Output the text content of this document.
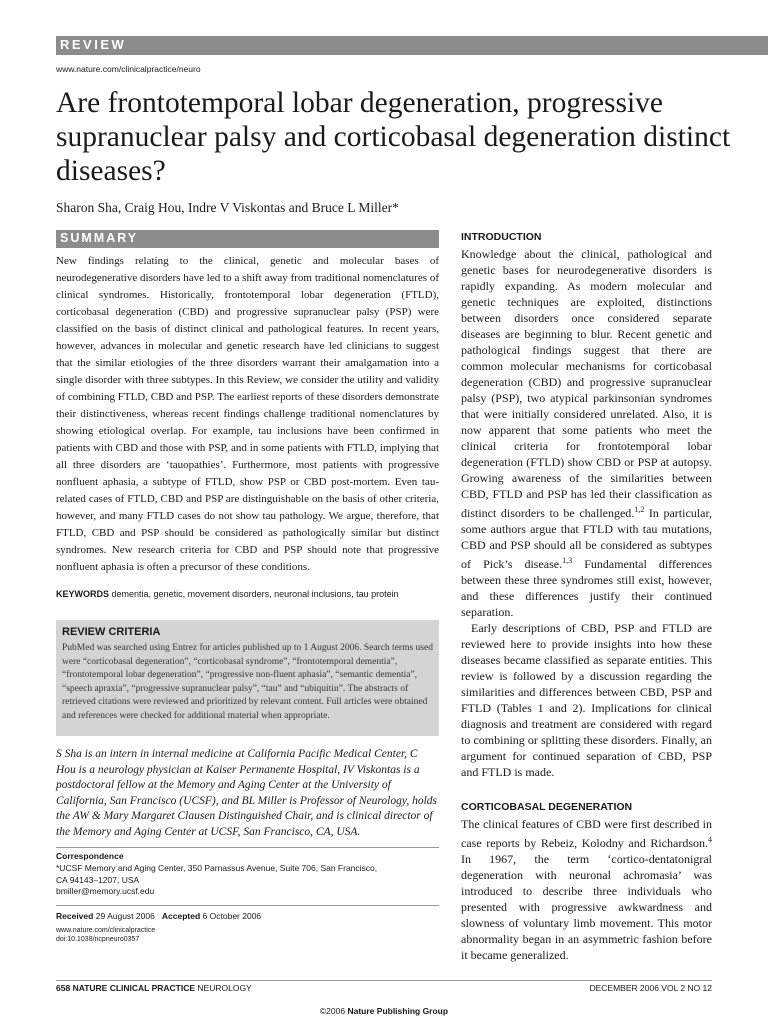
REVIEW
www.nature.com/clinicalpractice/neuro
Are frontotemporal lobar degeneration, progressive supranuclear palsy and corticobasal degeneration distinct diseases?
Sharon Sha, Craig Hou, Indre V Viskontas and Bruce L Miller*
SUMMARY
New findings relating to the clinical, genetic and molecular bases of neurodegenerative disorders have led to a shift away from traditional nomenclatures of clinical syndromes. Historically, frontotemporal lobar degeneration (FTLD), corticobasal degeneration (CBD) and progressive supranuclear palsy (PSP) were classified on the basis of distinct clinical and pathological features. In recent years, however, advances in molecular and genetic research have led clinicians to suggest that the similar etiologies of the three disorders warrant their amalgamation into a single disorder with three subtypes. In this Review, we consider the utility and validity of combining FTLD, CBD and PSP. The earliest reports of these disorders demonstrate their distinctiveness, whereas recent findings challenge traditional nomenclatures by showing etiological overlap. For example, tau inclusions have been confirmed in patients with CBD and those with PSP, and in some patients with FTLD, implying that all three disorders are ‘tauopathies’. Furthermore, most patients with progressive nonfluent aphasia, a subtype of FTLD, show PSP or CBD post-mortem. Even tau-related cases of FTLD, CBD and PSP are distinguishable on the basis of other criteria, however, and many FTLD cases do not show tau pathology. We argue, therefore, that FTLD, CBD and PSP should be considered as pathologically similar but distinct syndromes. New research criteria for CBD and PSP should note that progressive nonfluent aphasia is often a precursor of these conditions.
KEYWORDS dementia, genetic, movement disorders, neuronal inclusions, tau protein
REVIEW CRITERIA
PubMed was searched using Entrez for articles published up to 1 August 2006. Search terms used were “corticobasal degeneration”, “corticobasal syndrome”, “frontotemporal dementia”, “frontotemporal lobar degeneration”, “progressive non-fluent aphasia”, “semantic dementia”, “speech apraxia”, “progressive supranuclear palsy”, “tau” and “ubiquitin”. The abstracts of retrieved citations were reviewed and prioritized by relevant content. Full articles were obtained and references were checked for additional material when appropriate.
S Sha is an intern in internal medicine at California Pacific Medical Center, C Hou is a neurology physician at Kaiser Permanente Hospital, IV Viskontas is a postdoctoral fellow at the Memory and Aging Center at the University of California, San Francisco (UCSF), and BL Miller is Professor of Neurology, holds the AW & Mary Margaret Clausen Distinguished Chair, and is clinical director of the Memory and Aging Center at UCSF, San Francisco, CA, USA.
Correspondence
*UCSF Memory and Aging Center, 350 Parnassus Avenue, Suite 706, San Francisco,
CA 94143–1207, USA
bmiller@memory.ucsf.edu
Received 29 August 2006 Accepted 6 October 2006
www.nature.com/clinicalpractice
doi:10.1038/ncpneuro0357
INTRODUCTION

Knowledge about the clinical, pathological and genetic bases for neurodegenerative disorders is rapidly expanding. As modern molecular and genetic techniques are exploited, distinctions between disorders once considered separate diseases are beginning to blur. Recent genetic and pathological findings suggest that there are common molecular mechanisms for corticobasal degeneration (CBD) and progressive supranuclear palsy (PSP), two atypical parkinsonian syndromes that were initially considered unrelated. Also, it is now apparent that some patients who meet the clinical criteria for frontotemporal lobar degeneration (FTLD) show CBD or PSP at autopsy. Growing awareness of the similarities between CBD, FTLD and PSP has led their classification as distinct disorders to be challenged.$^{1,2}$ In particular, some authors argue that FTLD with tau mutations, CBD and PSP should all be considered as subtypes of Pick’s disease.$^{1,3}$ Fundamental differences between these three syndromes still exist, however, and these differences justify their continued separation.

Early descriptions of CBD, PSP and FTLD are reviewed here to provide insights into how these diseases became classified as separate entities. This review is followed by a discussion regarding the similarities and differences between CBD, PSP and FTLD (Tables 1 and 2). Implications for clinical diagnosis and treatment are considered with regard to combining or splitting these disorders. Finally, an argument for continued separation of CBD, PSP and FTLD is made.

CORTICOBASAL DEGENERATION

The clinical features of CBD were first described in case reports by Rebeiz, Kolodny and Richardson.$^4$ In 1967, the term ‘cortico-dentatonigral degeneration with neuronal achromasia’ was introduced to describe three individuals who presented with progressive awkwardness and slowness of voluntary limb movement. This motor abnormality began in an asymmetric fashion before it became generalized.

658 NATURE CLINICAL PRACTICE NEUROLOGY	DECEMBER 2006 VOL 2 NO 12
©2006 Nature Publishing Group
